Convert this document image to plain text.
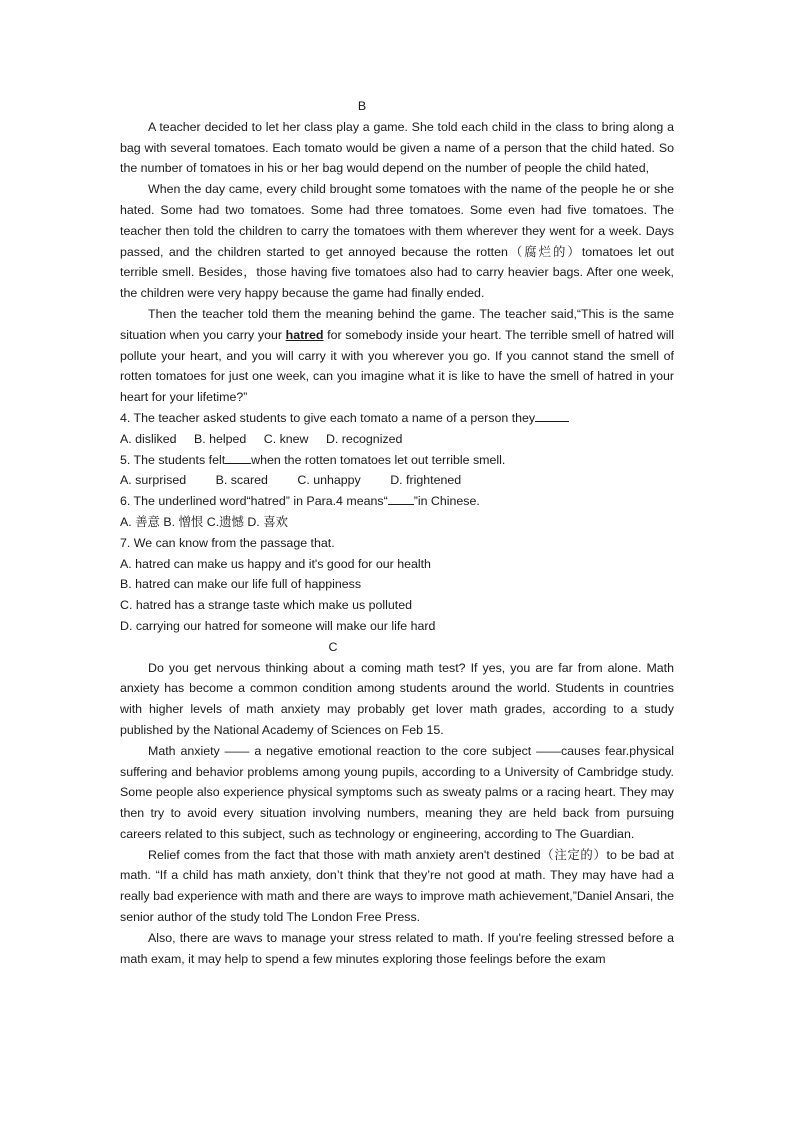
B

A teacher decided to let her class play a game. She told each child in the class to bring along a bag with several tomatoes. Each tomato would be given a name of a person that the child hated. So the number of tomatoes in his or her bag would depend on the number of people the child hated,

When the day came, every child brought some tomatoes with the name of the people he or she hated. Some had two tomatoes. Some had three tomatoes. Some even had five tomatoes. The teacher then told the children to carry the tomatoes with them wherever they went for a week. Days passed, and the children started to get annoyed because the rotten（腐烂的）tomatoes let out terrible smell. Besides，those having five tomatoes also had to carry heavier bags. After one week, the children were very happy because the game had finally ended.

Then the teacher told them the meaning behind the game. The teacher said,“This is the same situation when you carry your hatred for somebody inside your heart. The terrible smell of hatred will pollute your heart, and you will carry it with you wherever you go. If you cannot stand the smell of rotten tomatoes for just one week, can you imagine what it is like to have the smell of hatred in your heart for your lifetime?”

4. The teacher asked students to give each tomato a name of a person they

A. disliked B. helped C. knew D. recognized

5. The students felt when the rotten tomatoes let out terrible smell.

A. surprised B. scared C. unhappy D. frightened

6. The underlined word“hatred” in Para.4 means“ ”in Chinese.

A. 善意 B. 憎恨 C.遗憾 D. 喜欢

7. We can know from the passage that.

A. hatred can make us happy and it's good for our health

B. hatred can make our life full of happiness

C. hatred has a strange taste which make us polluted

D. carrying our hatred for someone will make our life hard

C

Do you get nervous thinking about a coming math test? If yes, you are far from alone. Math anxiety has become a common condition among students around the world. Students in countries with higher levels of math anxiety may probably get lover math grades, according to a study published by the National Academy of Sciences on Feb 15.

Math anxiety —— a negative emotional reaction to the core subject ——causes fear.physical suffering and behavior problems among young pupils, according to a University of Cambridge study. Some people also experience physical symptoms such as sweaty palms or a racing heart. They may then try to avoid every situation involving numbers, meaning they are held back from pursuing careers related to this subject, such as technology or engineering, according to The Guardian.

Relief comes from the fact that those with math anxiety aren't destined（注定的）to be bad at math. “If a child has math anxiety, don’t think that they’re not good at math. They may have had a really bad experience with math and there are ways to improve math achievement,”Daniel Ansari, the senior author of the study told The London Free Press.

Also, there are wavs to manage your stress related to math. If you're feeling stressed before a math exam, it may help to spend a few minutes exploring those feelings before the exam
